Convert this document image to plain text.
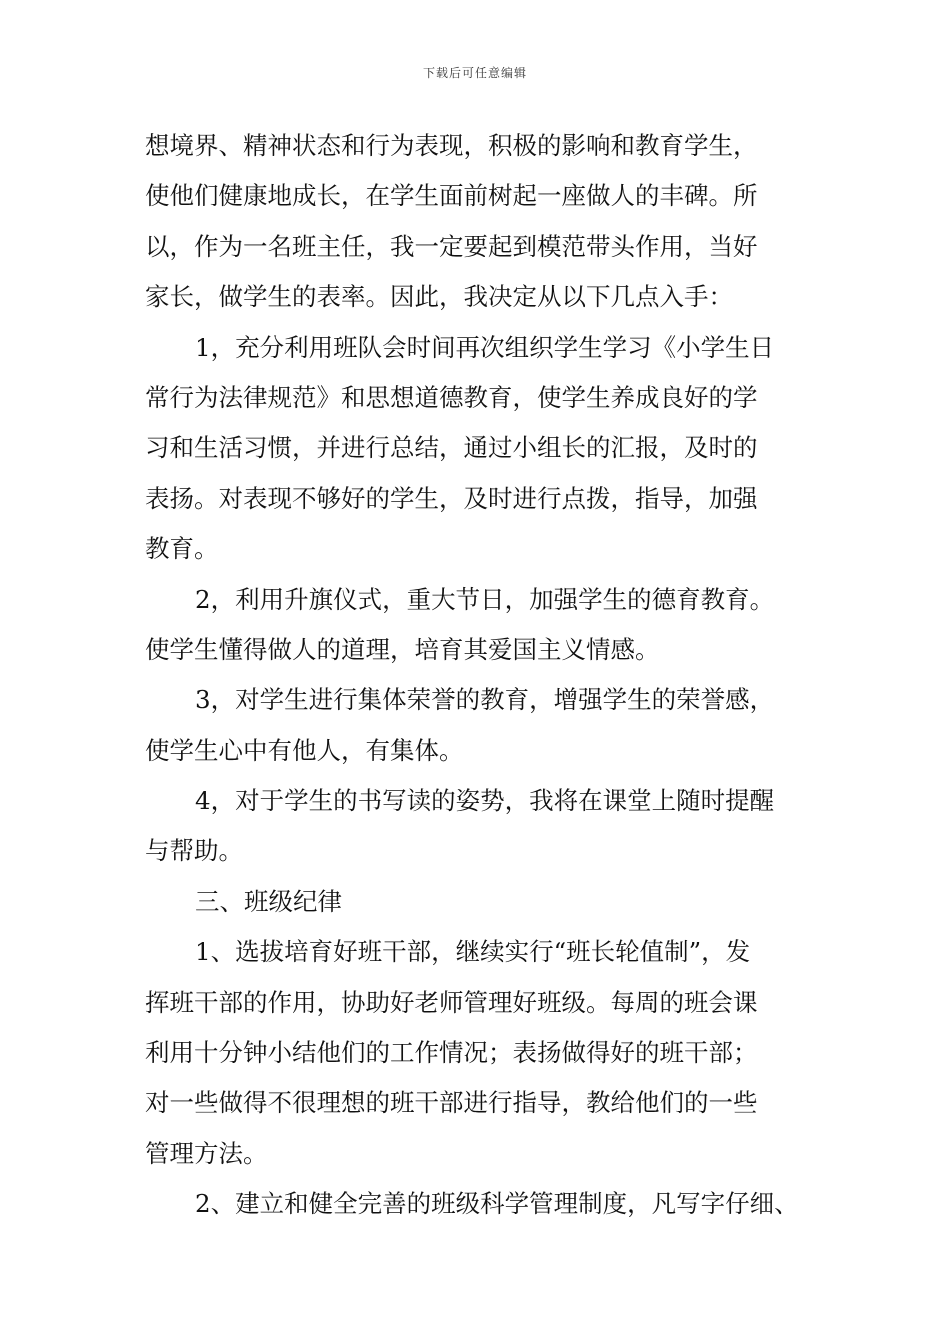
下载后可任意编辑
想境界、精神状态和行为表现，积极的影响和教育学生，
使他们健康地成长，在学生面前树起一座做人的丰碑。所
以，作为一名班主任，我一定要起到模范带头作用，当好
家长，做学生的表率。因此，我决定从以下几点入手：
1，充分利用班队会时间再次组织学生学习《小学生日
常行为法律规范》和思想道德教育，使学生养成良好的学
习和生活习惯，并进行总结，通过小组长的汇报，及时的
表扬。对表现不够好的学生，及时进行点拨，指导，加强
教育。
2，利用升旗仪式，重大节日，加强学生的德育教育。
使学生懂得做人的道理，培育其爱国主义情感。
3，对学生进行集体荣誉的教育，增强学生的荣誉感，
使学生心中有他人，有集体。
4，对于学生的书写读的姿势，我将在课堂上随时提醒
与帮助。
三、班级纪律
1、选拔培育好班干部，继续实行“班长轮值制”，发
挥班干部的作用，协助好老师管理好班级。每周的班会课
利用十分钟小结他们的工作情况；表扬做得好的班干部；
对一些做得不很理想的班干部进行指导，教给他们的一些
管理方法。
2、建立和健全完善的班级科学管理制度，凡写字仔细、
